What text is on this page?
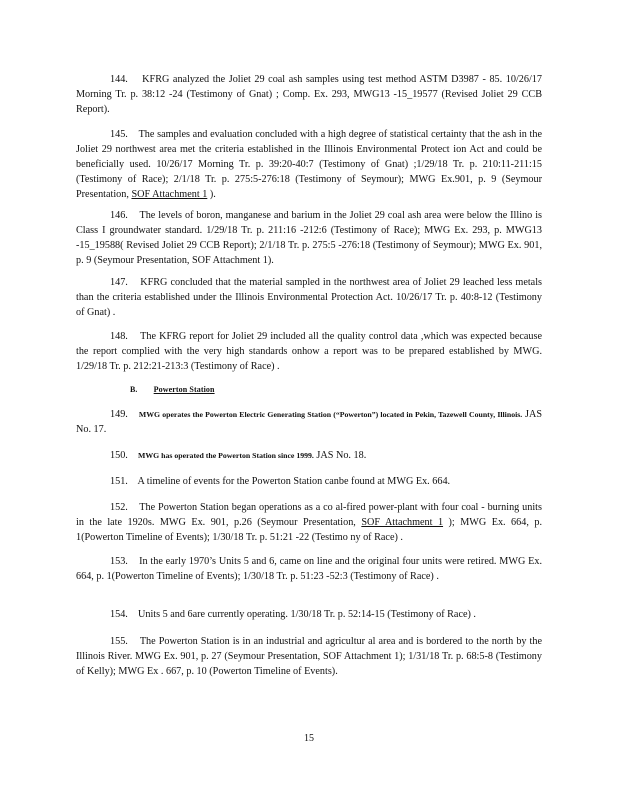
144. KFRG analyzed the Joliet 29 coal ash samples using test method ASTM D3987 - 85. 10/26/17 Morning Tr. p. 38:12 -24 (Testimony of Gnat) ; Comp. Ex. 293, MWG13 -15_19577 (Revised Joliet 29 CCB Report).

145. The samples and evaluation concluded with a high degree of statistical certainty that the ash in the Joliet 29 northwest area met the criteria established in the Illinois Environmental Protect ion Act and could be beneficially used. 10/26/17 Morning Tr. p. 39:20-40:7 (Testimony of Gnat) ;1/29/18 Tr. p. 210:11-211:15 (Testimony of Race); 2/1/18 Tr. p. 275:5-276:18 (Testimony of Seymour); MWG Ex.901, p. 9 (Seymour Presentation, SOF Attachment 1 ).

146. The levels of boron, manganese and barium in the Joliet 29 coal ash area were below the Illino is Class I groundwater standard. 1/29/18 Tr. p. 211:16 -212:6 (Testimony of Race); MWG Ex. 293, p. MWG13 -15_19588( Revised Joliet 29 CCB Report); 2/1/18 Tr. p. 275:5 -276:18 (Testimony of Seymour); MWG Ex. 901, p. 9 (Seymour Presentation, SOF Attachment 1).

147. KFRG concluded that the material sampled in the northwest area of Joliet 29 leached less metals than the criteria established under the Illinois Environmental Protection Act. 10/26/17 Tr. p. 40:8-12 (Testimony of Gnat) .

148. The KFRG report for Joliet 29 included all the quality control data ,which was expected because the report complied with the very high standards onhow a report was to be prepared established by MWG. 1/29/18 Tr. p. 212:21-213:3 (Testimony of Race) .

B. Powerton Station

149. MWG operates the Powerton Electric Generating Station (“Powerton”) located in Pekin, Tazewell County, Illinois. JAS No. 17.

150. MWG has operated the Powerton Station since 1999. JAS No. 18.

151. A timeline of events for the Powerton Station canbe found at MWG Ex. 664.

152. The Powerton Station began operations as a co al-fired power-plant with four coal - burning units in the late 1920s. MWG Ex. 901, p.26 (Seymour Presentation, SOF Attachment 1 ); MWG Ex. 664, p. 1(Powerton Timeline of Events); 1/30/18 Tr. p. 51:21 -22 (Testimo ny of Race) .

153. In the early 1970’s Units 5 and 6, came on line and the original four units were retired. MWG Ex. 664, p. 1(Powerton Timeline of Events); 1/30/18 Tr. p. 51:23 -52:3 (Testimony of Race) .

154. Units 5 and 6are currently operating. 1/30/18 Tr. p. 52:14-15 (Testimony of Race) .

155. The Powerton Station is in an industrial and agricultur al area and is bordered to the north by the Illinois River. MWG Ex. 901, p. 27 (Seymour Presentation, SOF Attachment 1); 1/31/18 Tr. p. 68:5-8 (Testimony of Kelly); MWG Ex . 667, p. 10 (Powerton Timeline of Events).

15
